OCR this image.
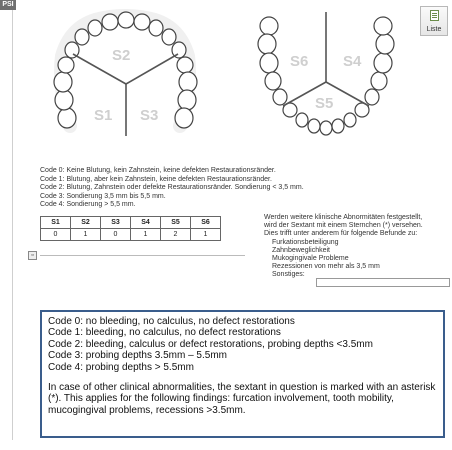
PSI
Liste
S2
S1 S3
S6 S4
S5
Code 0: Keine Blutung, kein Zahnstein, keine defekten Restaurationsränder.
Code 1: Blutung, aber kein Zahnstein, keine defekten Restaurationsränder.
Code 2: Blutung, Zahnstein oder defekte Restaurationsränder. Sondierung < 3,5 mm.
Code 3: Sondierung 3,5 mm bis 5,5 mm.
Code 4: Sondierung > 5,5 mm.
S1	S2	S3	S4	S5	S6
0	1	0	1	2	1
Werden weitere klinische Abnormitäten festgestellt,
wird der Sextant mit einem Sternchen (*) versehen.
Dies trifft unter anderem für folgende Befunde zu:
Furkationsbeteiligung
Zahnbeweglichkeit
Mukogingivale Probleme
Rezessionen von mehr als 3,5 mm
Sonstiges:
▫

Code 0: no bleeding, no calculus, no defect restorations

Code 1: bleeding, no calculus, no defect restorations

Code 2: bleeding, calculus or defect restorations, probing depths <3.5mm

Code 3: probing depths 3.5mm – 5.5mm

Code 4: probing depths > 5.5mm

In case of other clinical abnormalities, the sextant in question is marked with an asterisk (*). This applies for the following findings: furcation involvement, tooth mobility, mucogingival problems, recessions >3.5mm.
